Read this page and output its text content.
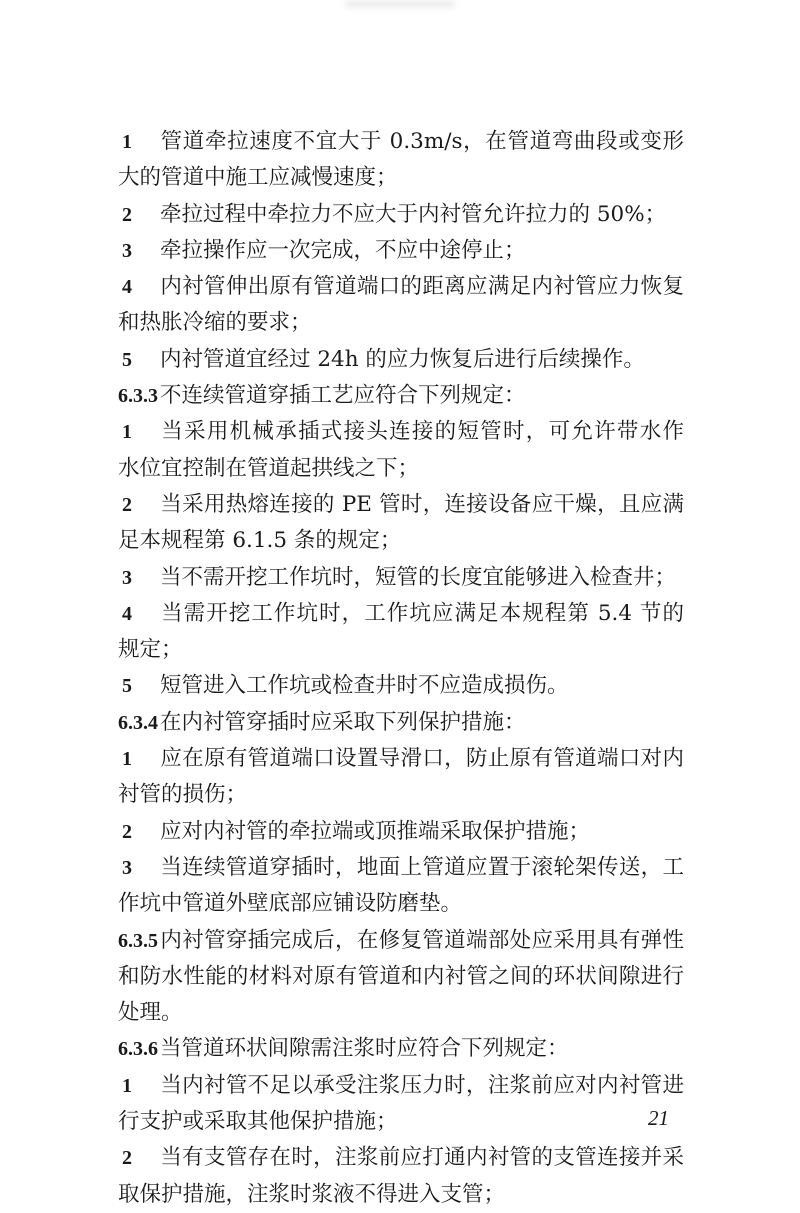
1 管道牵拉速度不宜大于 0.3m/s，在管道弯曲段或变形
大的管道中施工应减慢速度；
2 牵拉过程中牵拉力不应大于内衬管允许拉力的 50%；
3 牵拉操作应一次完成，不应中途停止；
4 内衬管伸出原有管道端口的距离应满足内衬管应力恢复
和热胀冷缩的要求；
5 内衬管道宜经过 24h 的应力恢复后进行后续操作。
6.3.3不连续管道穿插工艺应符合下列规定：
1 当采用机械承插式接头连接的短管时，可允许带水作
水位宜控制在管道起拱线之下；
2 当采用热熔连接的 PE 管时，连接设备应干燥，且应满
足本规程第 6.1.5 条的规定；
3 当不需开挖工作坑时，短管的长度宜能够进入检查井；
4 当需开挖工作坑时，工作坑应满足本规程第 5.4 节的
规定；
5 短管进入工作坑或检查井时不应造成损伤。
6.3.4在内衬管穿插时应采取下列保护措施：
1 应在原有管道端口设置导滑口，防止原有管道端口对内
衬管的损伤；
2 应对内衬管的牵拉端或顶推端采取保护措施；
3 当连续管道穿插时，地面上管道应置于滚轮架传送，工
作坑中管道外壁底部应铺设防磨垫。
6.3.5内衬管穿插完成后，在修复管道端部处应采用具有弹性
和防水性能的材料对原有管道和内衬管之间的环状间隙进行
处理。
6.3.6当管道环状间隙需注浆时应符合下列规定：
1 当内衬管不足以承受注浆压力时，注浆前应对内衬管进
行支护或采取其他保护措施；
2 当有支管存在时，注浆前应打通内衬管的支管连接并采
取保护措施，注浆时浆液不得进入支管；
21
